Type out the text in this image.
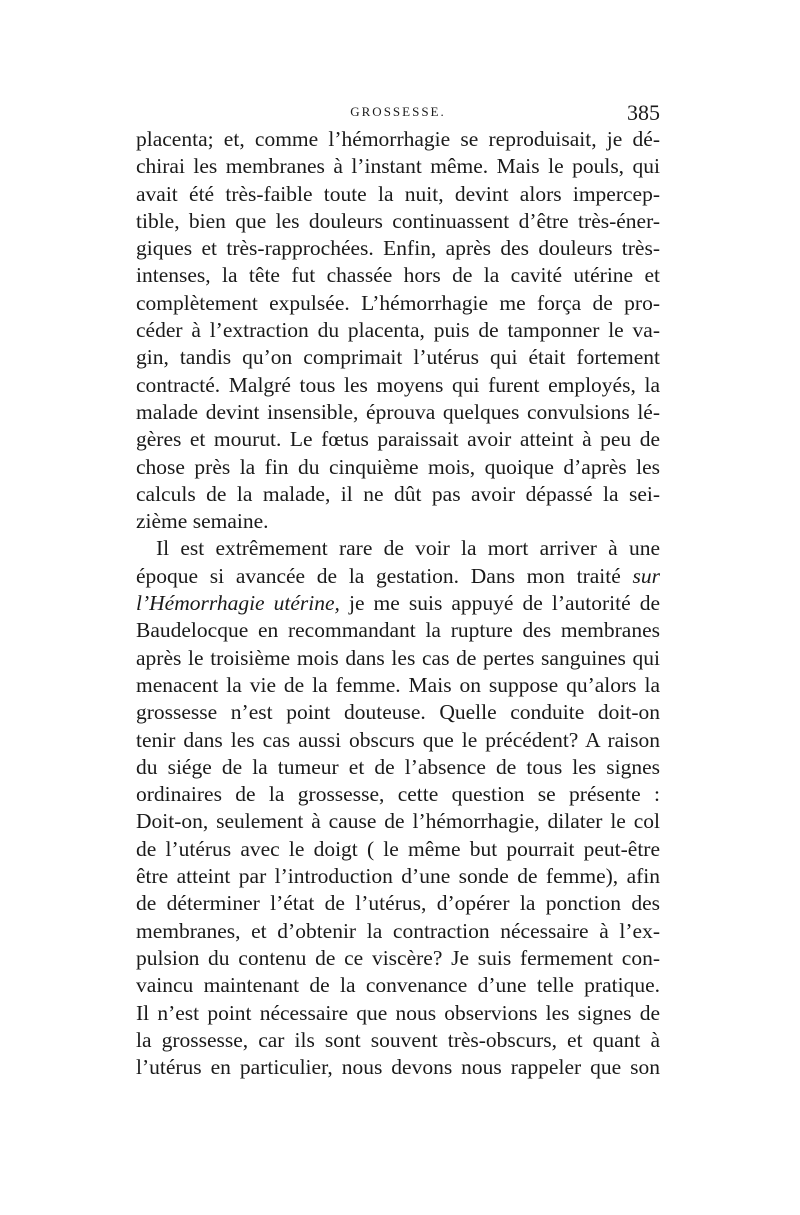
GROSSESSE.	385
placenta; et, comme l’hémorrhagie se reproduisait, je dé-
chirai les membranes à l’instant même. Mais le pouls, qui
avait été très-faible toute la nuit, devint alors impercep-
tible, bien que les douleurs continuassent d’être très-éner-
giques et très-rapprochées. Enfin, après des douleurs très-
intenses, la tête fut chassée hors de la cavité utérine et
complètement expulsée. L’hémorrhagie me força de pro-
céder à l’extraction du placenta, puis de tamponner le va-
gin, tandis qu’on comprimait l’utérus qui était fortement
contracté. Malgré tous les moyens qui furent employés, la
malade devint insensible, éprouva quelques convulsions lé-
gères et mourut. Le fœtus paraissait avoir atteint à peu de
chose près la fin du cinquième mois, quoique d’après les
calculs de la malade, il ne dût pas avoir dépassé la sei-
zième semaine.
Il est extrêmement rare de voir la mort arriver à une
époque si avancée de la gestation. Dans mon traité sur
l’Hémorrhagie utérine, je me suis appuyé de l’autorité de
Baudelocque en recommandant la rupture des membranes
après le troisième mois dans les cas de pertes sanguines qui
menacent la vie de la femme. Mais on suppose qu’alors la
grossesse n’est point douteuse. Quelle conduite doit-on
tenir dans les cas aussi obscurs que le précédent? A raison
du siége de la tumeur et de l’absence de tous les signes
ordinaires de la grossesse, cette question se présente :
Doit-on, seulement à cause de l’hémorrhagie, dilater le col
de l’utérus avec le doigt ( le même but pourrait peut-être
être atteint par l’introduction d’une sonde de femme), afin
de déterminer l’état de l’utérus, d’opérer la ponction des
membranes, et d’obtenir la contraction nécessaire à l’ex-
pulsion du contenu de ce viscère? Je suis fermement con-
vaincu maintenant de la convenance d’une telle pratique.
Il n’est point nécessaire que nous observions les signes de
la grossesse, car ils sont souvent très-obscurs, et quant à
l’utérus en particulier, nous devons nous rappeler que son
